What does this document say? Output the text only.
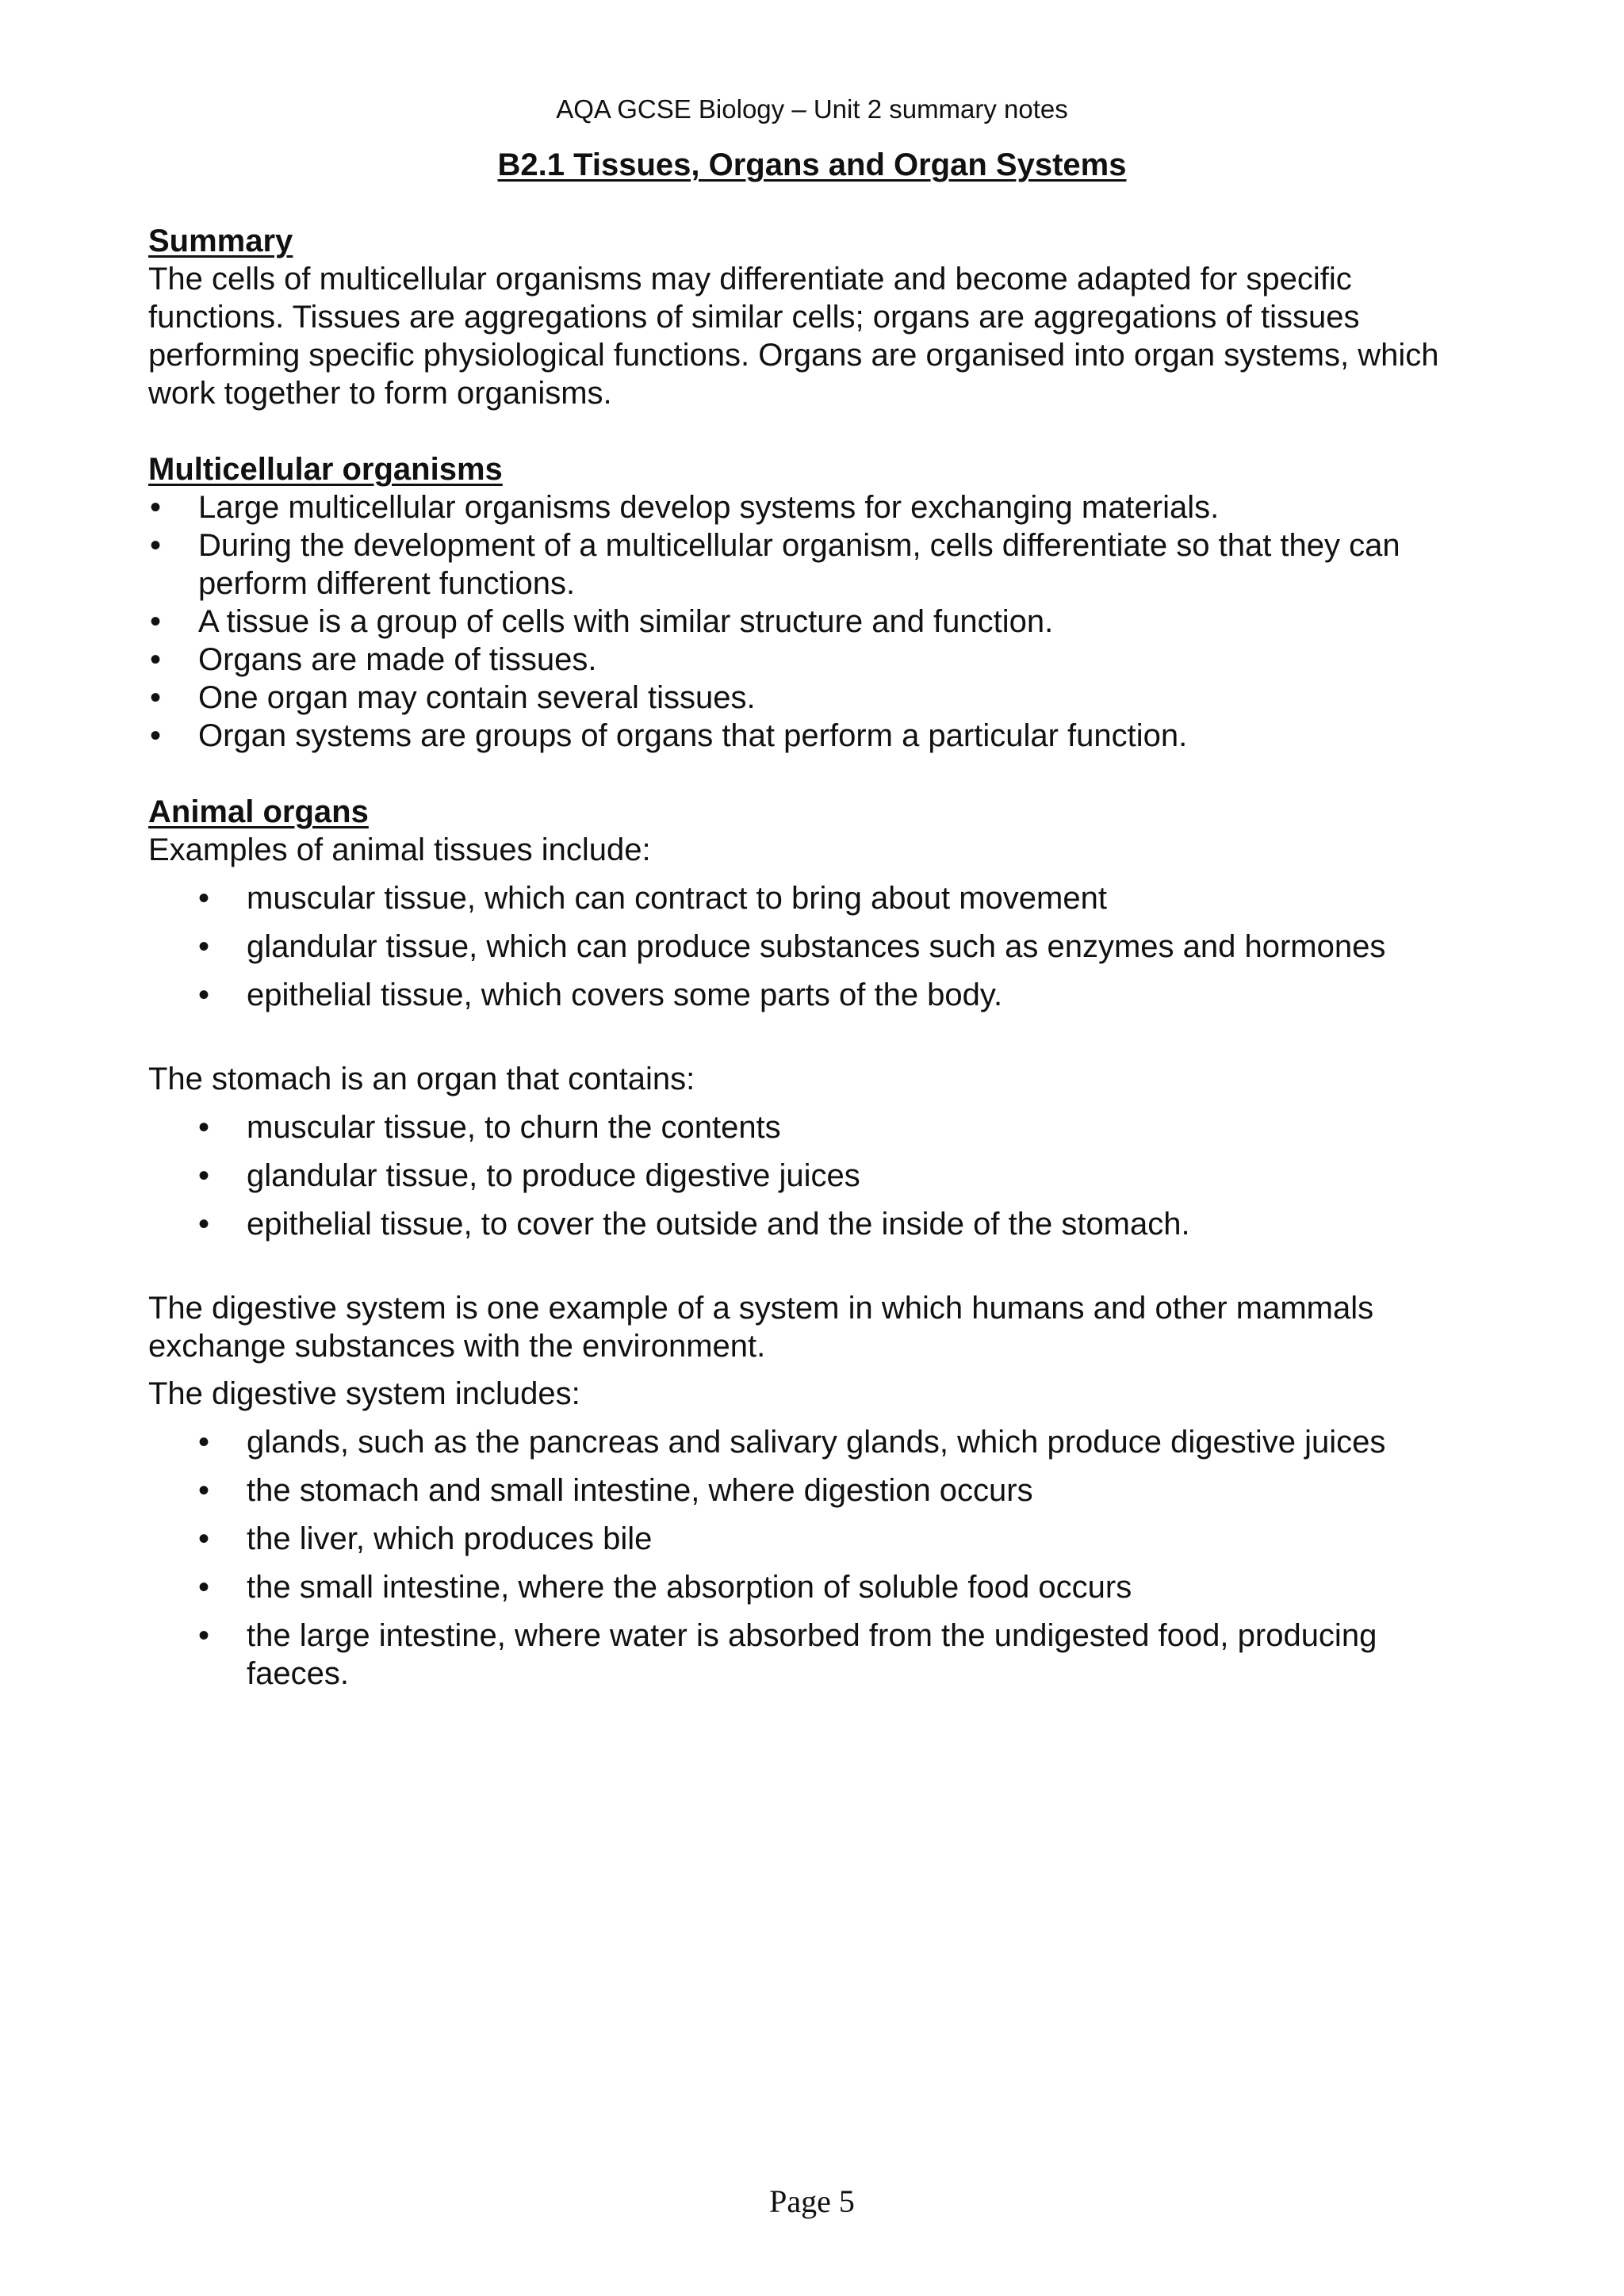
AQA GCSE Biology – Unit 2 summary notes
B2.1 Tissues, Organs and Organ Systems

Summary

The cells of multicellular organisms may differentiate and become adapted for specific functions. Tissues are aggregations of similar cells; organs are aggregations of tissues performing specific physiological functions. Organs are organised into organ systems, which work together to form organisms.

Multicellular organisms

• Large multicellular organisms develop systems for exchanging materials.
• During the development of a multicellular organism, cells differentiate so that they can perform different functions.
• A tissue is a group of cells with similar structure and function.
• Organs are made of tissues.
• One organ may contain several tissues.
• Organ systems are groups of organs that perform a particular function.

Animal organs

Examples of animal tissues include:

• muscular tissue, which can contract to bring about movement
• glandular tissue, which can produce substances such as enzymes and hormones
• epithelial tissue, which covers some parts of the body.

The stomach is an organ that contains:

• muscular tissue, to churn the contents
• glandular tissue, to produce digestive juices
• epithelial tissue, to cover the outside and the inside of the stomach.

The digestive system is one example of a system in which humans and other mammals exchange substances with the environment.

The digestive system includes:

• glands, such as the pancreas and salivary glands, which produce digestive juices
• the stomach and small intestine, where digestion occurs
• the liver, which produces bile
• the small intestine, where the absorption of soluble food occurs
• the large intestine, where water is absorbed from the undigested food, producing faeces.
Page 5
